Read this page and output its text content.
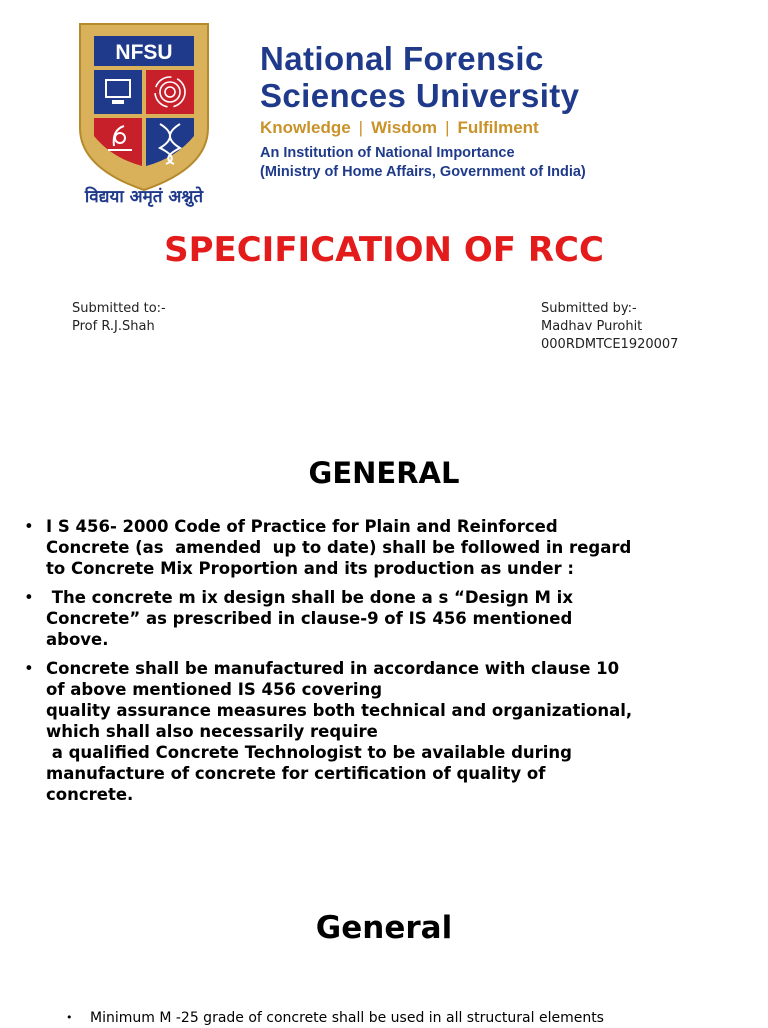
NFSU
विद्यया अमृतं अश्नुते
National Forensic
Sciences University
Knowledge | Wisdom | Fulfilment
An Institution of National Importance
(Ministry of Home Affairs, Government of India)
SPECIFICATION OF RCC
Submitted to:-
Prof R.J.Shah
Submitted by:-
Madhav Purohit
000RDMTCE1920007
GENERAL
• I S 456- 2000 Code of Practice for Plain and Reinforced
Concrete (as  amended  up to date) shall be followed in regard
to Concrete Mix Proportion and its production as under :
•  The concrete m ix design shall be done a s “Design M ix
Concrete” as prescribed in clause-9 of IS 456 mentioned
above.
• Concrete shall be manufactured in accordance with clause 10
of above mentioned IS 456 covering
quality assurance measures both technical and organizational,
which shall also necessarily require
a qualified Concrete Technologist to be available during
manufacture of concrete for certification of quality of
concrete.
General
• Minimum M -25 grade of concrete shall be used in all structural elements
